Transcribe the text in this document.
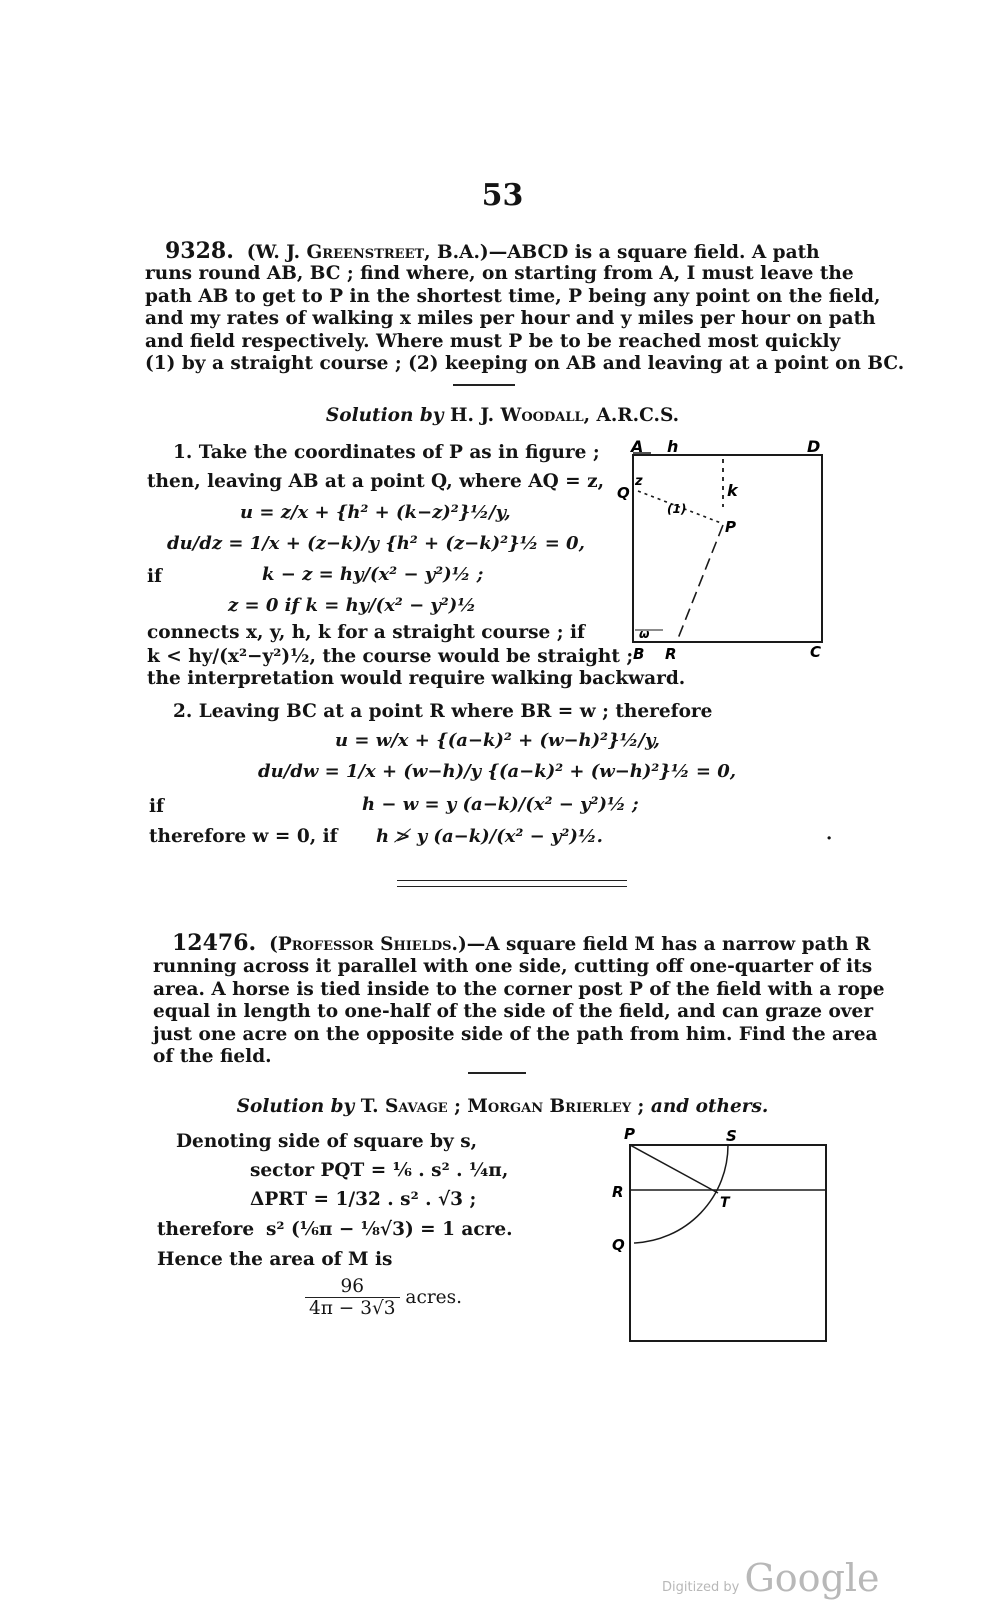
53
9328. (W. J. Greenstreet, B.A.)—ABCD is a square field. A path
runs round AB, BC ; find where, on starting from A, I must leave the
path AB to get to P in the shortest time, P being any point on the field,
and my rates of walking x miles per hour and y miles per hour on path
and field respectively. Where must P be to be reached most quickly
(1) by a straight course ; (2) keeping on AB and leaving at a point on BC.
Solution by H. J. Woodall, A.R.C.S.
1. Take the coordinates of P as in figure ;
then, leaving AB at a point Q, where AQ = z,
u = z/x + {h² + (k−z)²}½/y,
du/dz = 1/x + (z−k)/y {h² + (z−k)²}½ = 0,
if	k − z = hy/(x² − y²)½ ;
z = 0 if k = hy/(x² − y²)½
connects x, y, h, k for a straight course ; if
k < hy/(x²−y²)½, the course would be straight ;
the interpretation would require walking backward.
2. Leaving BC at a point R where BR = w ; therefore
u = w/x + {(a−k)² + (w−h)²}½/y,
du/dw = 1/x + (w−h)/y {(a−k)² + (w−h)²}½ = 0,
if	h − w = y (a−k)/(x² − y²)½ ;
therefore w = 0, if h ≯ y (a−k)/(x² − y²)½.	·
A h	D
z
Q
(1)
k
P
ω
B R	C
12476. (Professor Shields.)—A square field M has a narrow path R
running across it parallel with one side, cutting off one-quarter of its
area. A horse is tied inside to the corner post P of the field with a rope
equal in length to one-half of the side of the field, and can graze over
just one acre on the opposite side of the path from him. Find the area
of the field.
Solution by T. Savage ; Morgan Brierley ; and others.
Denoting side of square by s,
sector PQT = ⅙ . s² . ¼π,
ΔPRT = 1/32 . s² . √3 ;
therefore s² (⅙π − ⅛√3) = 1 acre.
Hence the area of M is
$\frac{96}{4\pi - 3√3}$ acres.
P	S
R
T
Q
Digitized by Google
